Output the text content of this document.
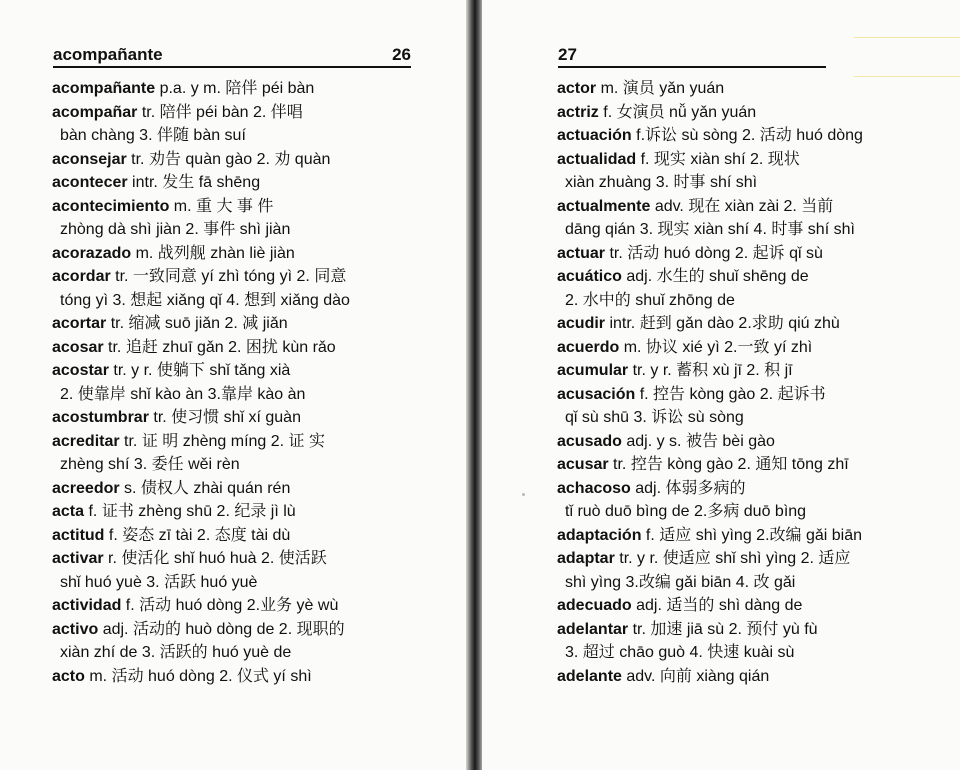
acompañante	26

acompañante p.a. y m. 陪伴 péi bàn

acompañar tr. 陪伴 péi bàn 2. 伴唱

bàn chàng 3. 伴随 bàn suí

aconsejar tr. 劝告 quàn gào 2. 劝 quàn

acontecer intr. 发生 fā shēng

acontecimiento m. 重 大 事 件

zhòng dà shì jiàn 2. 事件 shì jiàn

acorazado m. 战列舰 zhàn liè jiàn

acordar tr. 一致同意 yí zhì tóng yì 2. 同意

tóng yì 3. 想起 xiǎng qǐ 4. 想到 xiǎng dào

acortar tr. 缩减 suō jiǎn 2. 减 jiǎn

acosar tr. 追赶 zhuī gǎn 2. 困扰 kùn rǎo

acostar tr. y r. 使躺下 shǐ tǎng xià

2. 使靠岸 shǐ kào àn 3.靠岸 kào àn

acostumbrar tr. 使习惯 shǐ xí guàn

acreditar tr. 证 明 zhèng míng 2. 证 实

zhèng shí 3. 委任 wěi rèn

acreedor s. 债权人 zhài quán rén

acta f. 证书 zhèng shū 2. 纪录 jì lù

actitud f. 姿态 zī tài 2. 态度 tài dù

activar r. 使活化 shǐ huó huà 2. 使活跃

shǐ huó yuè 3. 活跃 huó yuè

actividad f. 活动 huó dòng 2.业务 yè wù

activo adj. 活动的 huò dòng de 2. 现职的

xiàn zhí de 3. 活跃的 huó yuè de

acto m. 活动 huó dòng 2. 仪式 yí shì

27

actor m. 演员 yǎn yuán

actriz f. 女演员 nǚ yǎn yuán

actuación f.诉讼 sù sòng 2. 活动 huó dòng

actualidad f. 现实 xiàn shí 2. 现状

xiàn zhuàng 3. 时事 shí shì

actualmente adv. 现在 xiàn zài 2. 当前

dāng qián 3. 现实 xiàn shí 4. 时事 shí shì

actuar tr. 活动 huó dòng 2. 起诉 qǐ sù

acuático adj. 水生的 shuǐ shēng de

2. 水中的 shuǐ zhōng de

acudir intr. 赶到 gǎn dào 2.求助 qiú zhù

acuerdo m. 协议 xié yì 2.一致 yí zhì

acumular tr. y r. 蓄积 xù jī 2. 积 jī

acusación f. 控告 kòng gào 2. 起诉书

qǐ sù shū 3. 诉讼 sù sòng

acusado adj. y s. 被告 bèi gào

acusar tr. 控告 kòng gào 2. 通知 tōng zhī

achacoso adj. 体弱多病的

tǐ ruò duō bìng de 2.多病 duō bìng

adaptación f. 适应 shì yìng 2.改编 gǎi biān

adaptar tr. y r. 使适应 shǐ shì yìng 2. 适应

shì yìng 3.改编 gǎi biān 4. 改 gǎi

adecuado adj. 适当的 shì dàng de

adelantar tr. 加速 jiā sù 2. 预付 yù fù

3. 超过 chāo guò 4. 快速 kuài sù

adelante adv. 向前 xiàng qián
